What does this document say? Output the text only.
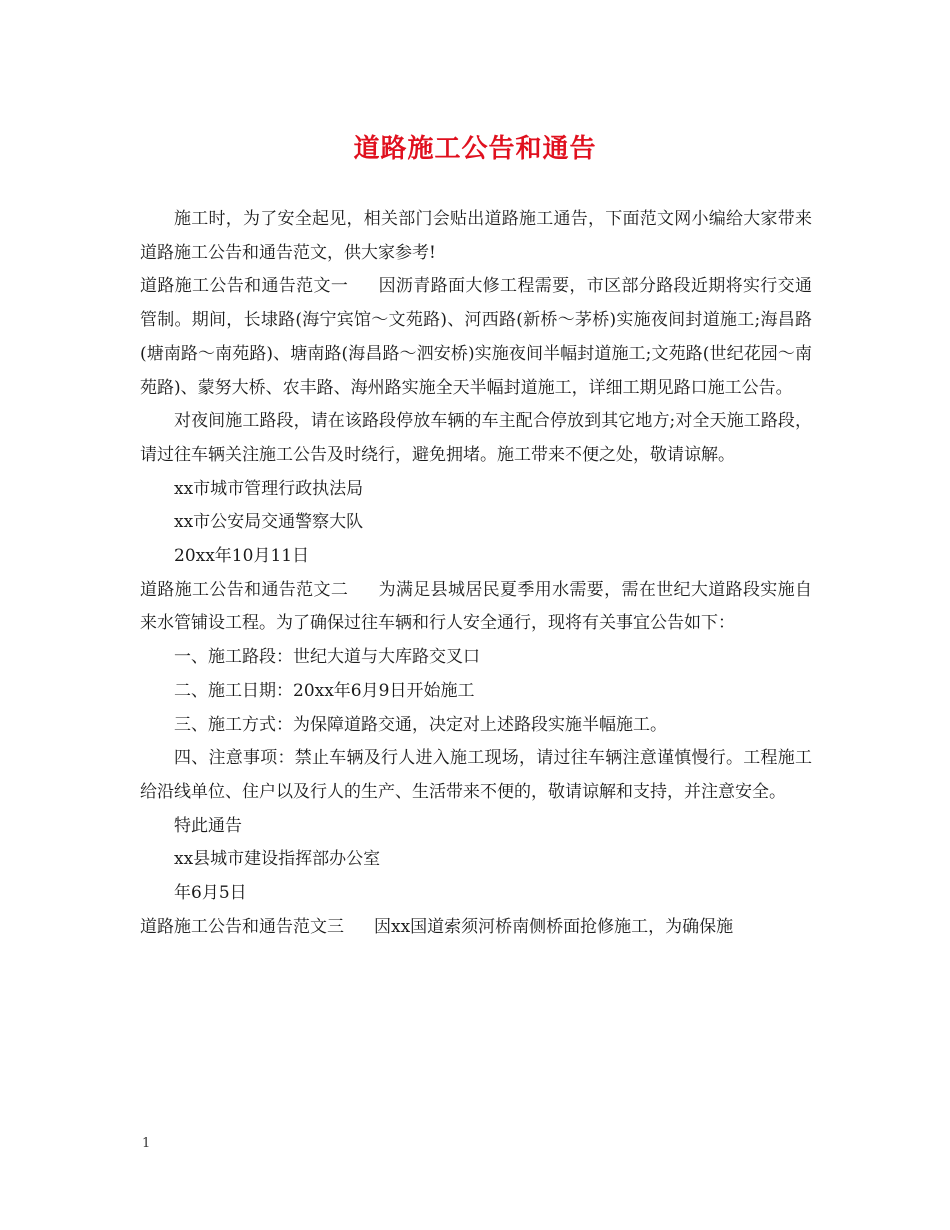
道路施工公告和通告

施工时，为了安全起见，相关部门会贴出道路施工通告，下面范文网小编给大家带来道路施工公告和通告范文，供大家参考!

道路施工公告和通告范文一 因沥青路面大修工程需要，市区部分路段近期将实行交通管制。期间，长埭路(海宁宾馆～文苑路)、河西路(新桥～茅桥)实施夜间封道施工;海昌路(塘南路～南苑路)、塘南路(海昌路～泗安桥)实施夜间半幅封道施工;文苑路(世纪花园～南苑路)、蒙努大桥、农丰路、海州路实施全天半幅封道施工，详细工期见路口施工公告。

对夜间施工路段，请在该路段停放车辆的车主配合停放到其它地方;对全天施工路段，请过往车辆关注施工公告及时绕行，避免拥堵。施工带来不便之处，敬请谅解。

xx市城市管理行政执法局

xx市公安局交通警察大队

20xx年10月11日

道路施工公告和通告范文二 为满足县城居民夏季用水需要，需在世纪大道路段实施自来水管铺设工程。为了确保过往车辆和行人安全通行，现将有关事宜公告如下：

一、施工路段：世纪大道与大库路交叉口

二、施工日期：20xx年6月9日开始施工

三、施工方式：为保障道路交通，决定对上述路段实施半幅施工。

四、注意事项：禁止车辆及行人进入施工现场，请过往车辆注意谨慎慢行。工程施工给沿线单位、住户以及行人的生产、生活带来不便的，敬请谅解和支持，并注意安全。

特此通告

xx县城市建设指挥部办公室

年6月5日

道路施工公告和通告范文三 因xx国道索须河桥南侧桥面抢修施工，为确保施

1
